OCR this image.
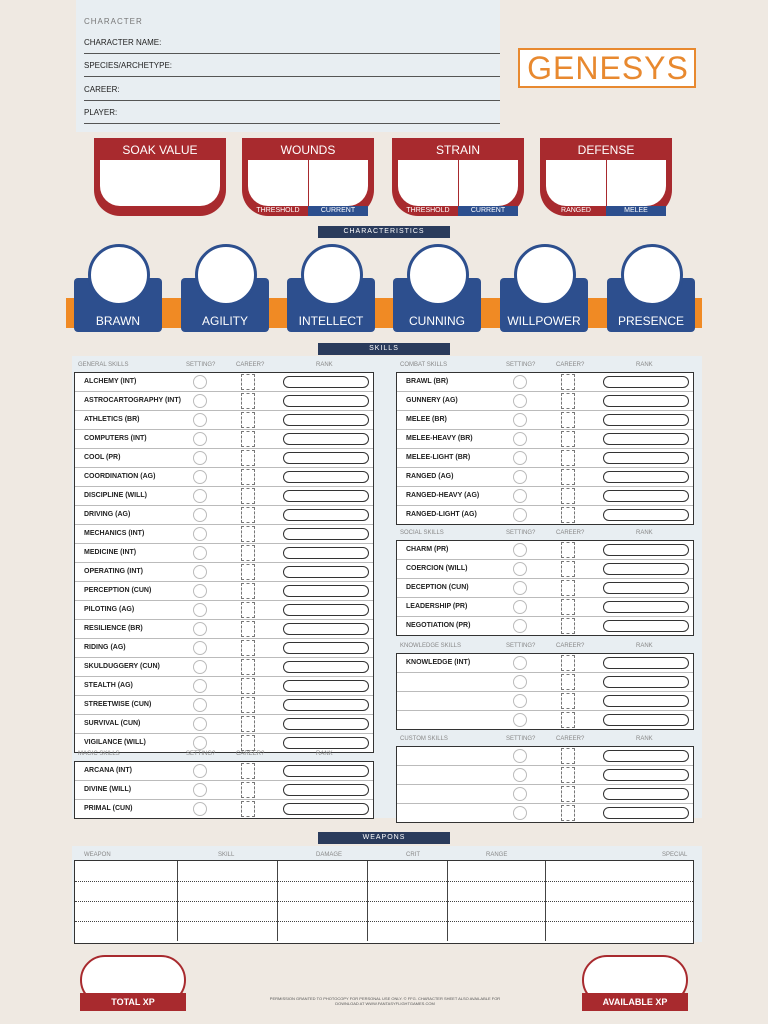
CHARACTER
CHARACTER NAME:
SPECIES/ARCHETYPE:
CAREER:
PLAYER:
GENESYS
SOAK VALUE	WOUNDS
THRESHOLD	CURRENT
STRAIN
THRESHOLD	CURRENT
DEFENSE
RANGED	MELEE
CHARACTERISTICS
BRAWN	AGILITY	INTELLECT	CUNNING	WILLPOWER	PRESENCE
SKILLS
GENERAL SKILLS	SETTING?	CAREER?	RANK
ALCHEMY (INT)
ASTROCARTOGRAPHY (INT)
ATHLETICS (BR)
COMPUTERS (INT)
COOL (PR)
COORDINATION (AG)
DISCIPLINE (WILL)
DRIVING (AG)
MECHANICS (INT)
MEDICINE (INT)
OPERATING (INT)
PERCEPTION (CUN)
PILOTING (AG)
RESILIENCE (BR)
RIDING (AG)
SKULDUGGERY (CUN)
STEALTH (AG)
STREETWISE (CUN)
SURVIVAL (CUN)
VIGILANCE (WILL)
MAGIC SKILLS	SETTING?	CAREER?	RANK
ARCANA (INT)
DIVINE (WILL)
PRIMAL (CUN)
COMBAT SKILLS	SETTING?	CAREER?	RANK
BRAWL (BR)
GUNNERY (AG)
MELEE (BR)
MELEE-HEAVY (BR)
MELEE-LIGHT (BR)
RANGED (AG)
RANGED-HEAVY (AG)
RANGED-LIGHT (AG)
SOCIAL SKILLS	SETTING?	CAREER?	RANK
CHARM (PR)
COERCION (WILL)
DECEPTION (CUN)
LEADERSHIP (PR)
NEGOTIATION (PR)
KNOWLEDGE SKILLS	SETTING?	CAREER?	RANK
KNOWLEDGE (INT)
CUSTOM SKILLS	SETTING?	CAREER?	RANK
WEAPONS
WEAPON	SKILL	DAMAGE	CRIT	RANGE	SPECIAL
TOTAL XP	AVAILABLE XP
PERMISSION GRANTED TO PHOTOCOPY FOR PERSONAL USE ONLY. © FFG. CHARACTER SHEET ALSO AVAILABLE FOR DOWNLOAD AT WWW.FANTASYFLIGHTGAMES.COM
